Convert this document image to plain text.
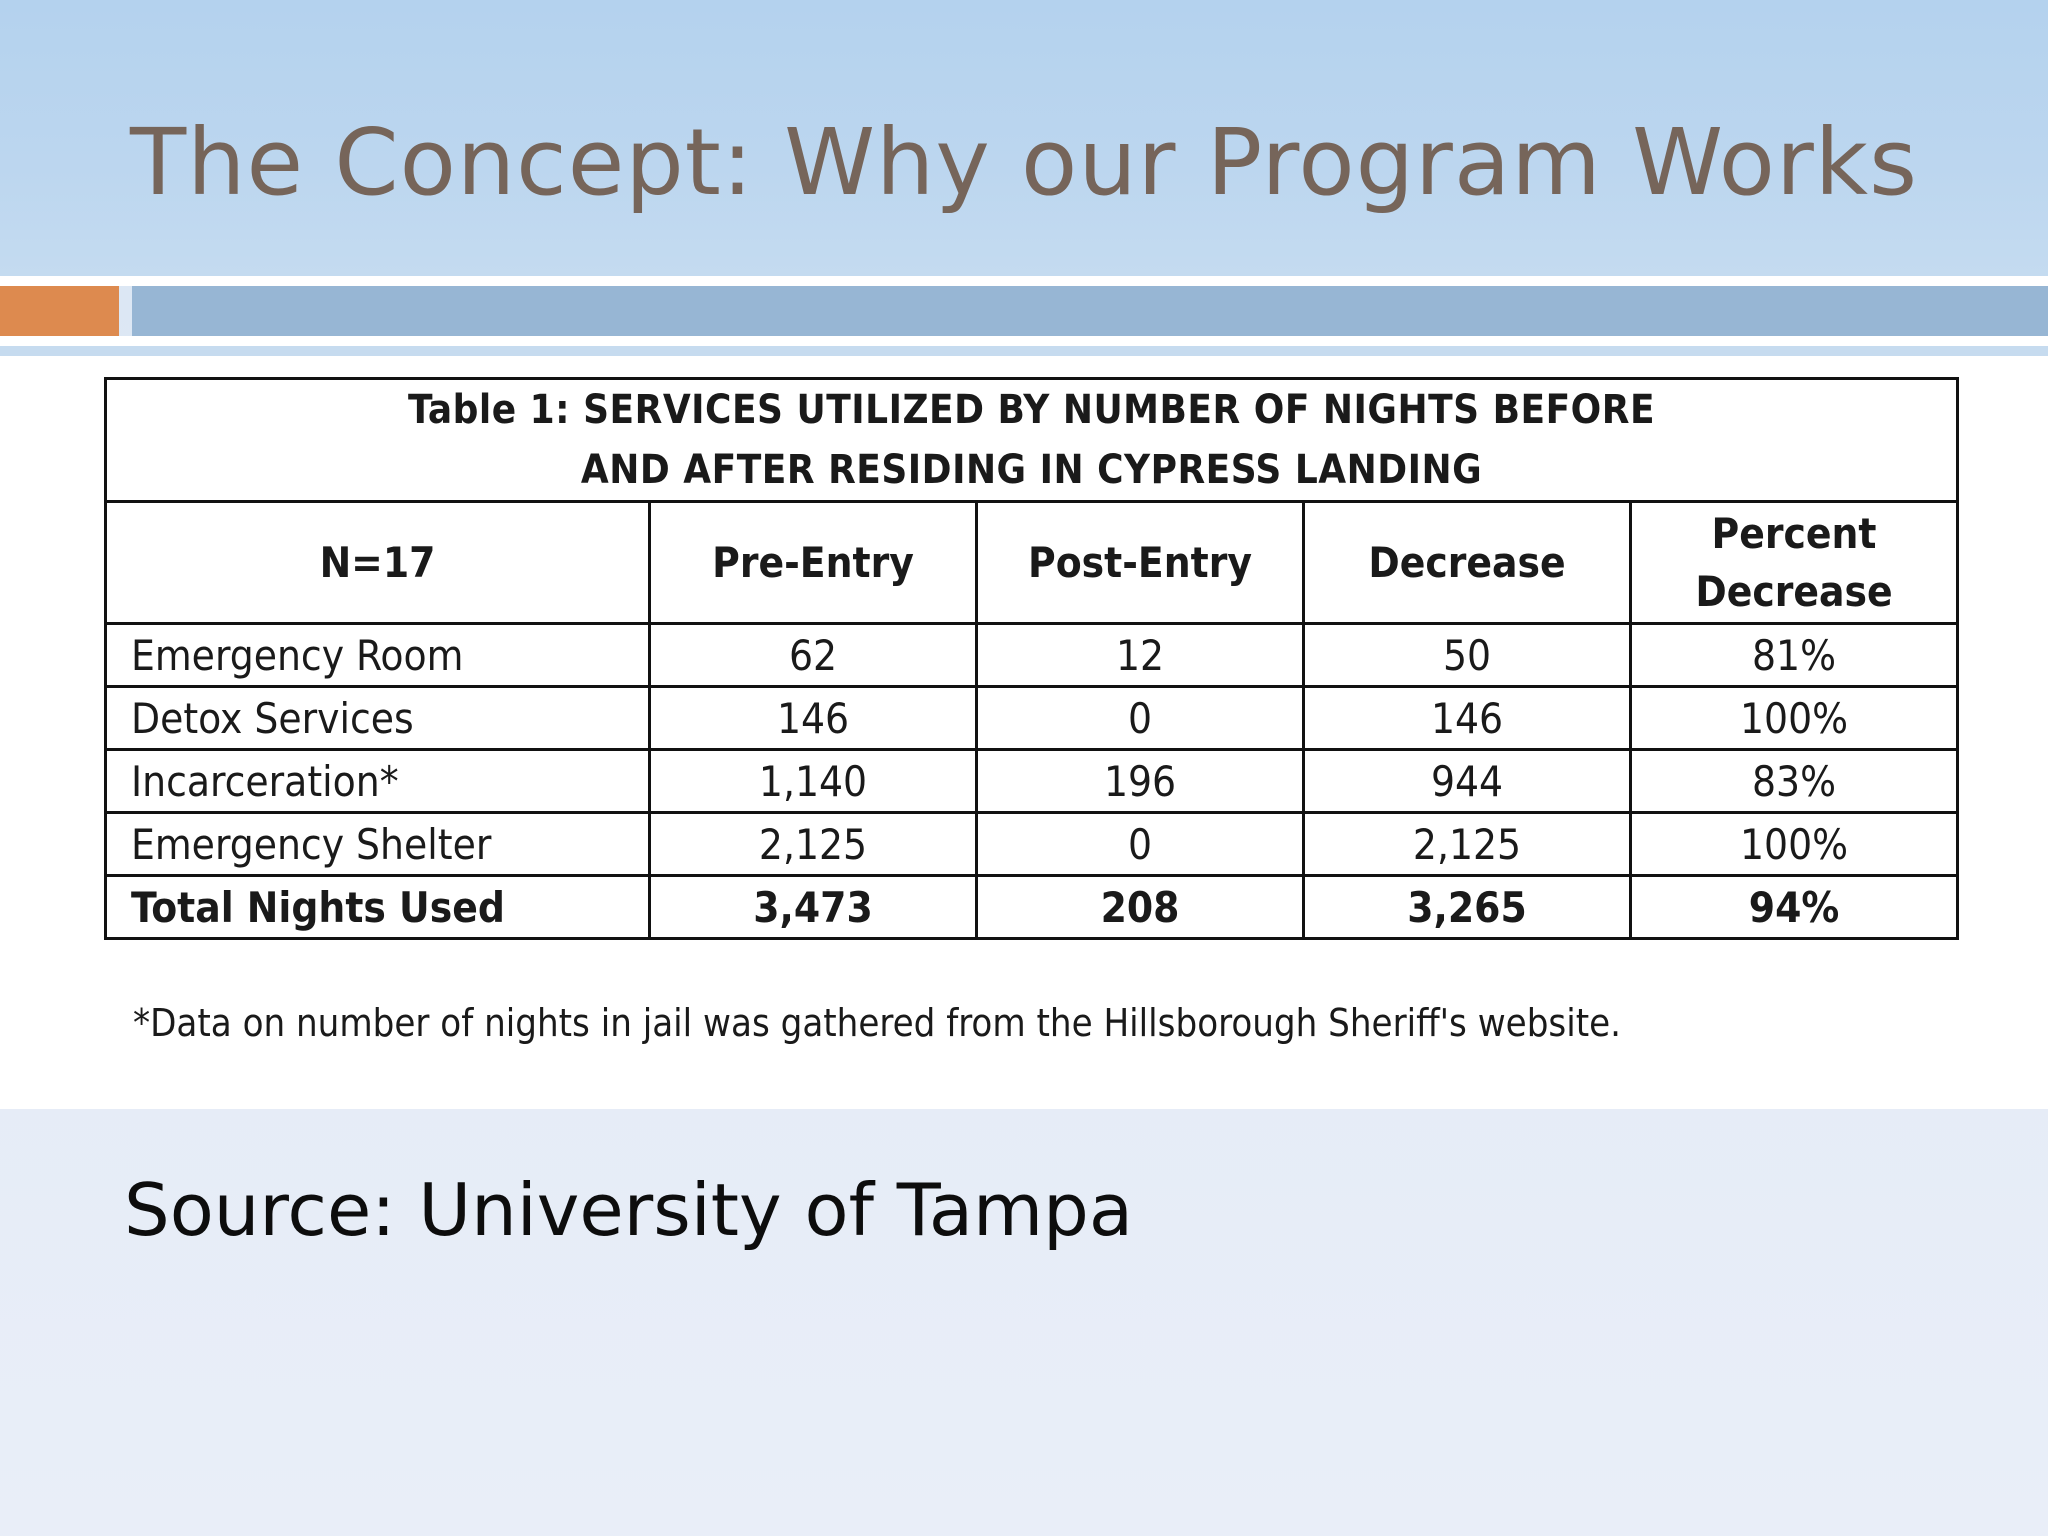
The Concept: Why our Program Works
Table 1: SERVICES UTILIZED BY NUMBER OF NIGHTS BEFORE
AND AFTER RESIDING IN CYPRESS LANDING				

N=17	Pre-Entry	Post-Entry	Decrease	Percent
Decrease

Emergency Room	62	12	50	81%
Detox Services	146	0	146	100%
Incarceration*	1,140	196	944	83%
Emergency Shelter	2,125	0	2,125	100%
Total Nights Used	3,473	208	3,265	94%
*Data on number of nights in jail was gathered from the Hillsborough Sheriff's website.
Source: University of Tampa
